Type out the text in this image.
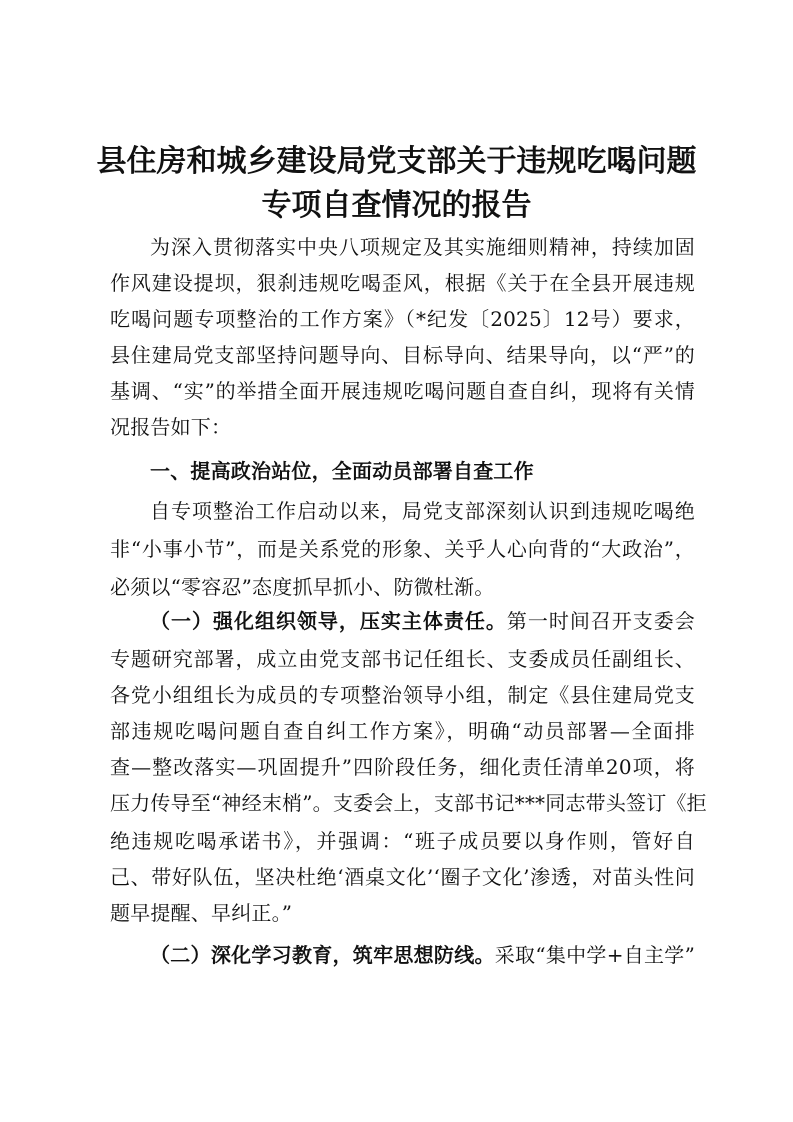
县住房和城乡建设局党支部关于违规吃喝问题
专项自查情况的报告
为深入贯彻落实中央八项规定及其实施细则精神，持续加固
作风建设提坝，狠刹违规吃喝歪风，根据《关于在全县开展违规
吃喝问题专项整治的工作方案》（*纪发〔2025〕12号）要求，
县住建局党支部坚持问题导向、目标导向、结果导向，以“严”的
基调、“实”的举措全面开展违规吃喝问题自查自纠，现将有关情
况报告如下：
一、提高政治站位，全面动员部署自查工作
自专项整治工作启动以来，局党支部深刻认识到违规吃喝绝
非“小事小节”，而是关系党的形象、关乎人心向背的“大政治”，
必须以“零容忍”态度抓早抓小、防微杜渐。
（一）强化组织领导，压实主体责任。第一时间召开支委会
专题研究部署，成立由党支部书记任组长、支委成员任副组长、
各党小组组长为成员的专项整治领导小组，制定《县住建局党支
部违规吃喝问题自查自纠工作方案》，明确“动员部署—全面排
查—整改落实—巩固提升”四阶段任务，细化责任清单20项，将
压力传导至“神经末梢”。支委会上，支部书记***同志带头签订《拒
绝违规吃喝承诺书》，并强调：“班子成员要以身作则，管好自
己、带好队伍，坚决杜绝‘酒桌文化’‘圈子文化’渗透，对苗头性问
题早提醒、早纠正。”
（二）深化学习教育，筑牢思想防线。采取“集中学+自主学”
